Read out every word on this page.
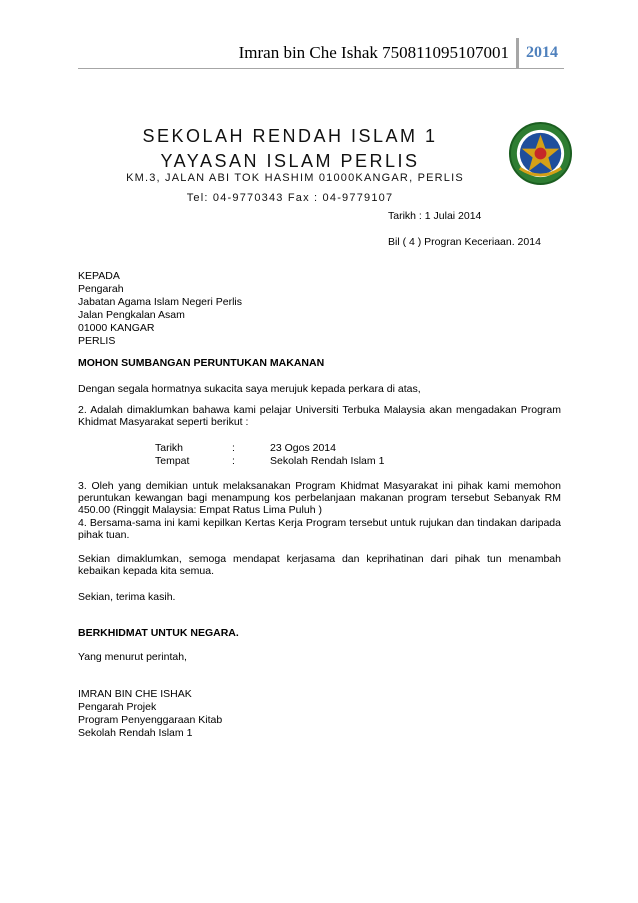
Imran bin Che Ishak 750811095107001	2014
SEKOLAH RENDAH ISLAM 1
YAYASAN ISLAM PERLIS
KM.3, JALAN ABI TOK HASHIM 01000KANGAR, PERLIS
Tel: 04-9770343 Fax : 04-9779107
Tarikh : 1 Julai 2014
Bil ( 4 ) Progran Keceriaan. 2014
KEPADA
Pengarah
Jabatan Agama Islam Negeri Perlis
Jalan Pengkalan Asam
01000 KANGAR
PERLIS
MOHON SUMBANGAN PERUNTUKAN MAKANAN
Dengan segala hormatnya sukacita saya merujuk kepada perkara di atas,
2. Adalah dimaklumkan bahawa kami pelajar Universiti Terbuka Malaysia akan mengadakan Program Khidmat Masyarakat seperti berikut :
Tarikh	:	23 Ogos 2014
Tempat	:	Sekolah Rendah Islam 1
3. Oleh yang demikian untuk melaksanakan Program Khidmat Masyarakat ini pihak kami memohon peruntukan kewangan bagi menampung kos perbelanjaan makanan program tersebut Sebanyak RM 450.00 (Ringgit Malaysia: Empat Ratus Lima Puluh )
4. Bersama-sama ini kami kepilkan Kertas Kerja Program tersebut untuk rujukan dan tindakan daripada pihak tuan.
Sekian dimaklumkan, semoga mendapat kerjasama dan keprihatinan dari pihak tun menambah kebaikan kepada kita semua.
Sekian, terima kasih.
BERKHIDMAT UNTUK NEGARA.
Yang menurut perintah,
IMRAN BIN CHE ISHAK
Pengarah Projek
Program Penyenggaraan Kitab
Sekolah Rendah Islam 1
